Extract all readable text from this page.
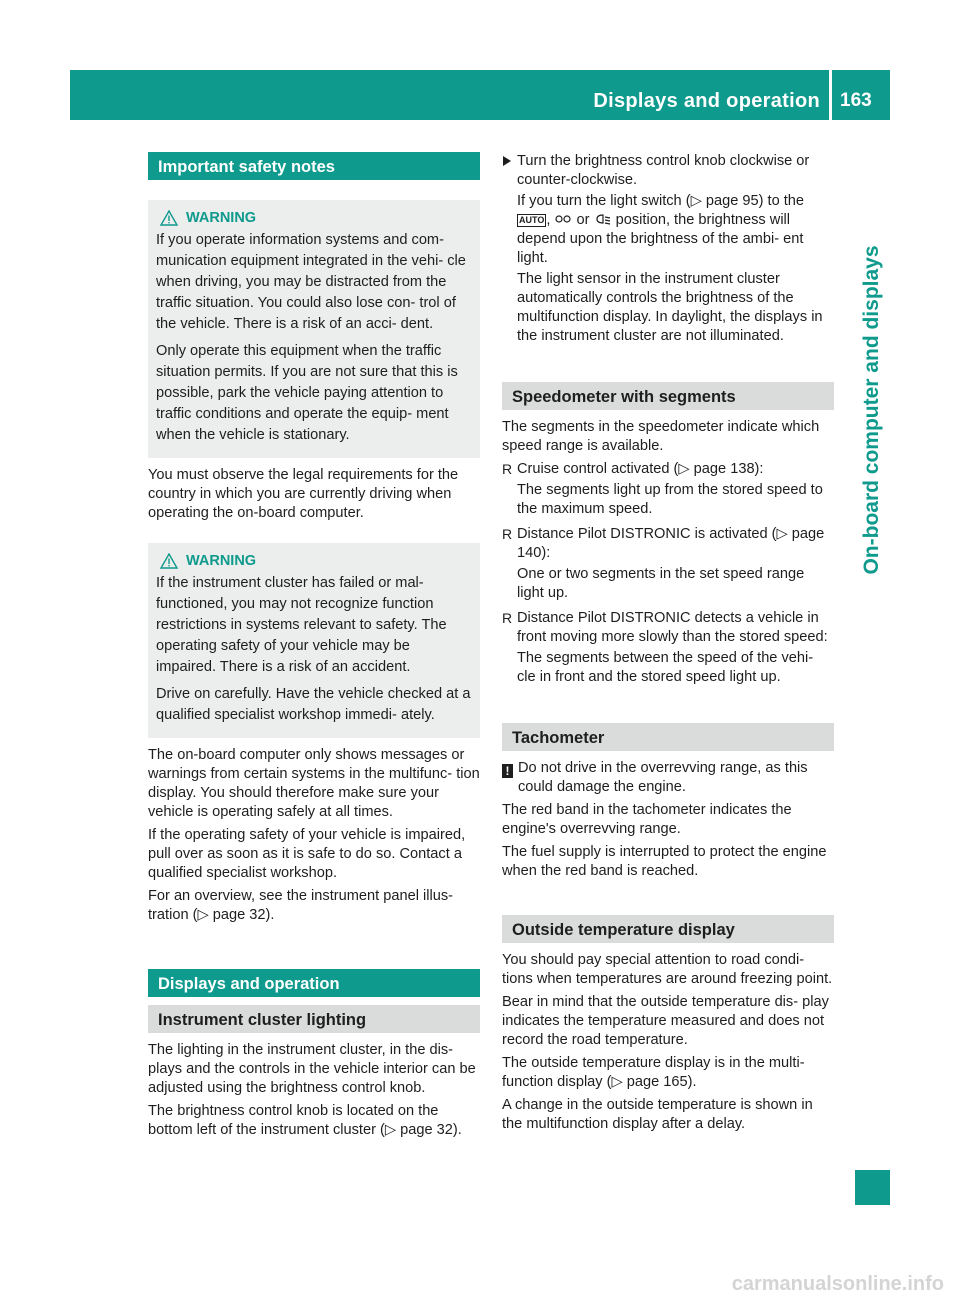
Displays and operation 163
On-board computer and displays
Important safety notes
WARNING

If you operate information systems and com- munication equipment integrated in the vehi- cle when driving, you may be distracted from the traffic situation. You could also lose con- trol of the vehicle. There is a risk of an acci- dent.

Only operate this equipment when the traffic situation permits. If you are not sure that this is possible, park the vehicle paying attention to traffic conditions and operate the equip- ment when the vehicle is stationary.

You must observe the legal requirements for the country in which you are currently driving when operating the on-board computer.

WARNING

If the instrument cluster has failed or mal- functioned, you may not recognize function restrictions in systems relevant to safety. The operating safety of your vehicle may be impaired. There is a risk of an accident.

Drive on carefully. Have the vehicle checked at a qualified specialist workshop immedi- ately.

The on-board computer only shows messages or warnings from certain systems in the multifunc- tion display. You should therefore make sure your vehicle is operating safely at all times.

If the operating safety of your vehicle is impaired, pull over as soon as it is safe to do so. Contact a qualified specialist workshop.

For an overview, see the instrument panel illus- tration (▷ page 32).

Displays and operation
Instrument cluster lighting

The lighting in the instrument cluster, in the dis- plays and the controls in the vehicle interior can be adjusted using the brightness control knob.

The brightness control knob is located on the bottom left of the instrument cluster (▷ page 32).

Turn the brightness control knob clockwise or counter-clockwise.

If you turn the light switch (▷ page 95) to the AUTO , or position, the brightness will depend upon the brightness of the ambi- ent light.

The light sensor in the instrument cluster automatically controls the brightness of the multifunction display. In daylight, the displays in the instrument cluster are not illuminated.

Speedometer with segments

The segments in the speedometer indicate which speed range is available.

R Cruise control activated (▷ page 138):

The segments light up from the stored speed to the maximum speed.

R Distance Pilot DISTRONIC is activated (▷ page 140):

One or two segments in the set speed range light up.

R Distance Pilot DISTRONIC detects a vehicle in front moving more slowly than the stored speed:

The segments between the speed of the vehi- cle in front and the stored speed light up.

Tachometer
! Do not drive in the overrevving range, as this could damage the engine.

The red band in the tachometer indicates the engine's overrevving range.

The fuel supply is interrupted to protect the engine when the red band is reached.

Outside temperature display

You should pay special attention to road condi- tions when temperatures are around freezing point.

Bear in mind that the outside temperature dis- play indicates the temperature measured and does not record the road temperature.

The outside temperature display is in the multi- function display (▷ page 165).

A change in the outside temperature is shown in the multifunction display after a delay.

carmanualsonline.info
